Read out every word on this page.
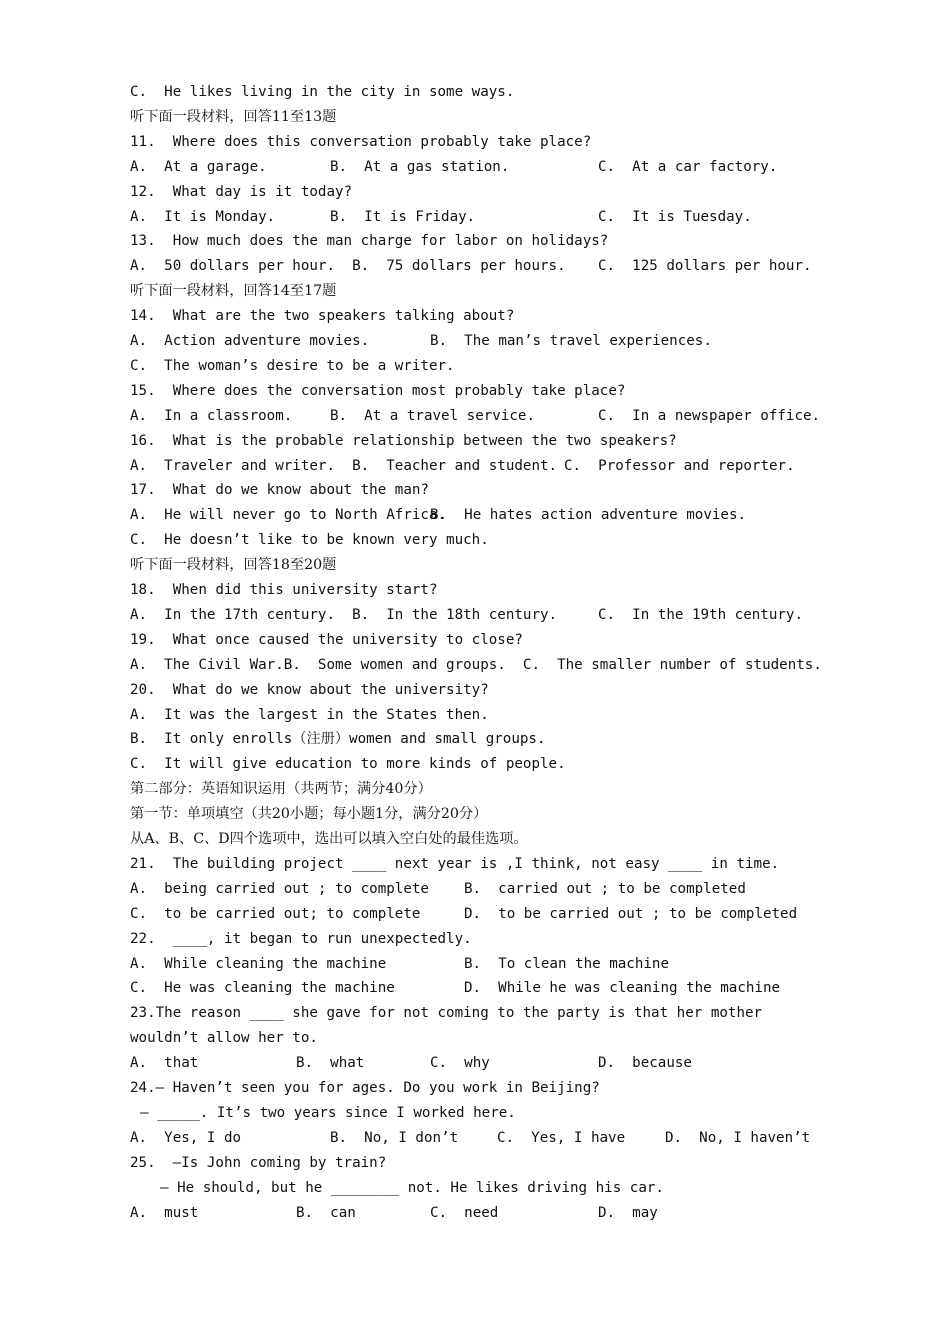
C.  He likes living in the city in some ways.
听下面一段材料，回答11至13题
11.  Where does this conversation probably take place?
A.  At a garage.	B.  At a gas station.	C.  At a car factory.
12.  What day is it today?
A.  It is Monday.	B.  It is Friday.	C.  It is Tuesday.
13.  How much does the man charge for labor on holidays?
A.  50 dollars per hour.  B.  75 dollars per hours. C.  125 dollars per hour.
听下面一段材料，回答14至17题
14.  What are the two speakers talking about?
A.  Action adventure movies.	B.  The man’s travel experiences.
C.  The woman’s desire to be a writer.
15.  Where does the conversation most probably take place?
A.  In a classroom.	B.  At a travel service.	C.  In a newspaper office.
16.  What is the probable relationship between the two speakers?
A.  Traveler and writer.  B.  Teacher and student. C.  Professor and reporter.
17.  What do we know about the man?
A.  He will never go to North Africa.
B.  He hates action adventure movies.
C.  He doesn’t like to be known very much.
听下面一段材料，回答18至20题
18.  When did this university start?
A.  In the 17th century.  B.  In the 18th century.	C.  In the 19th century.
19.  What once caused the university to close?
A.  The Civil War.B.  Some women and groups.  C.  The smaller number of students.
20.  What do we know about the university?
A.  It was the largest in the States then.
B.  It only enrolls（注册）women and small groups.
C.  It will give education to more kinds of people.
第二部分：英语知识运用（共两节；满分40分）
第一节：单项填空（共20小题；每小题1分，满分20分）
从A、B、C、D四个选项中，选出可以填入空白处的最佳选项。
21.  The building project ____ next year is ,I think, not easy ____ in time.
A.  being carried out ; to complete B.  carried out ; to be completed
C.  to be carried out; to complete	D.  to be carried out ; to be completed
22.  ____, it began to run unexpectedly.
A.  While cleaning the machine	B.  To clean the machine
C.  He was cleaning the machine	D.  While he was cleaning the machine
23.The reason ____ she gave for not coming to the party is that her mother
wouldn’t allow her to.
A.  that	B.  what	C.  why	D.  because
24.— Haven’t seen you for ages. Do you work in Beijing?
— _____. It’s two years since I worked here.
A.  Yes, I do	B.  No, I don’t	C.  Yes, I have	D.  No, I haven’t
25.  —Is John coming by train?
— He should, but he ________ not. He likes driving his car.
A.  must	B.  can	C.  need	D.  may
